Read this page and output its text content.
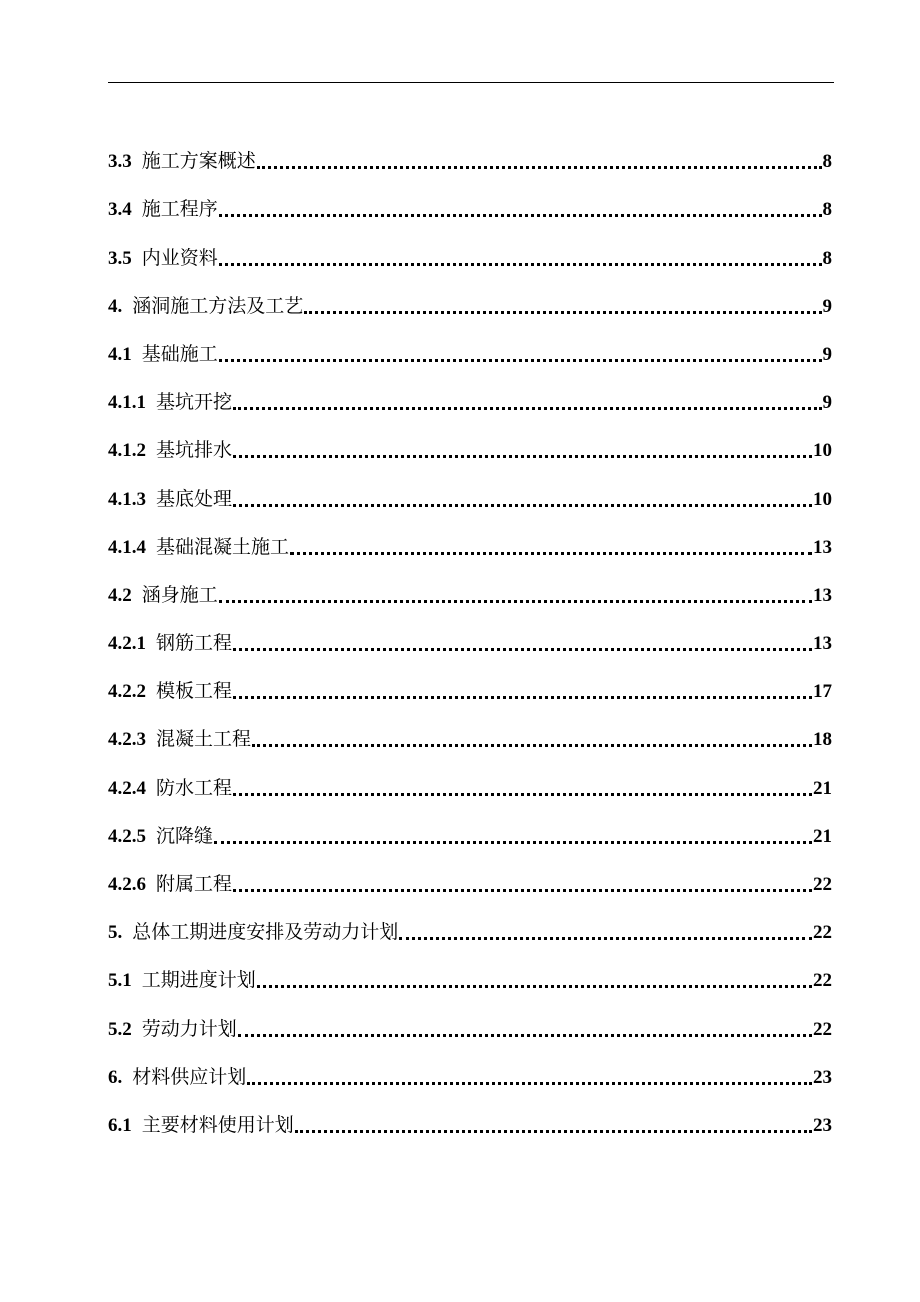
3.3 施工方案概述	8
3.4 施工程序	8
3.5 内业资料	8
4. 涵洞施工方法及工艺	9
4.1 基础施工	9
4.1.1 基坑开挖	9
4.1.2 基坑排水	10
4.1.3 基底处理	10
4.1.4 基础混凝土施工	13
4.2 涵身施工	13
4.2.1 钢筋工程	13
4.2.2 模板工程	17
4.2.3 混凝土工程	18
4.2.4 防水工程	21
4.2.5 沉降缝	21
4.2.6 附属工程	22
5. 总体工期进度安排及劳动力计划	22
5.1 工期进度计划	22
5.2 劳动力计划	22
6. 材料供应计划	23
6.1 主要材料使用计划	23
